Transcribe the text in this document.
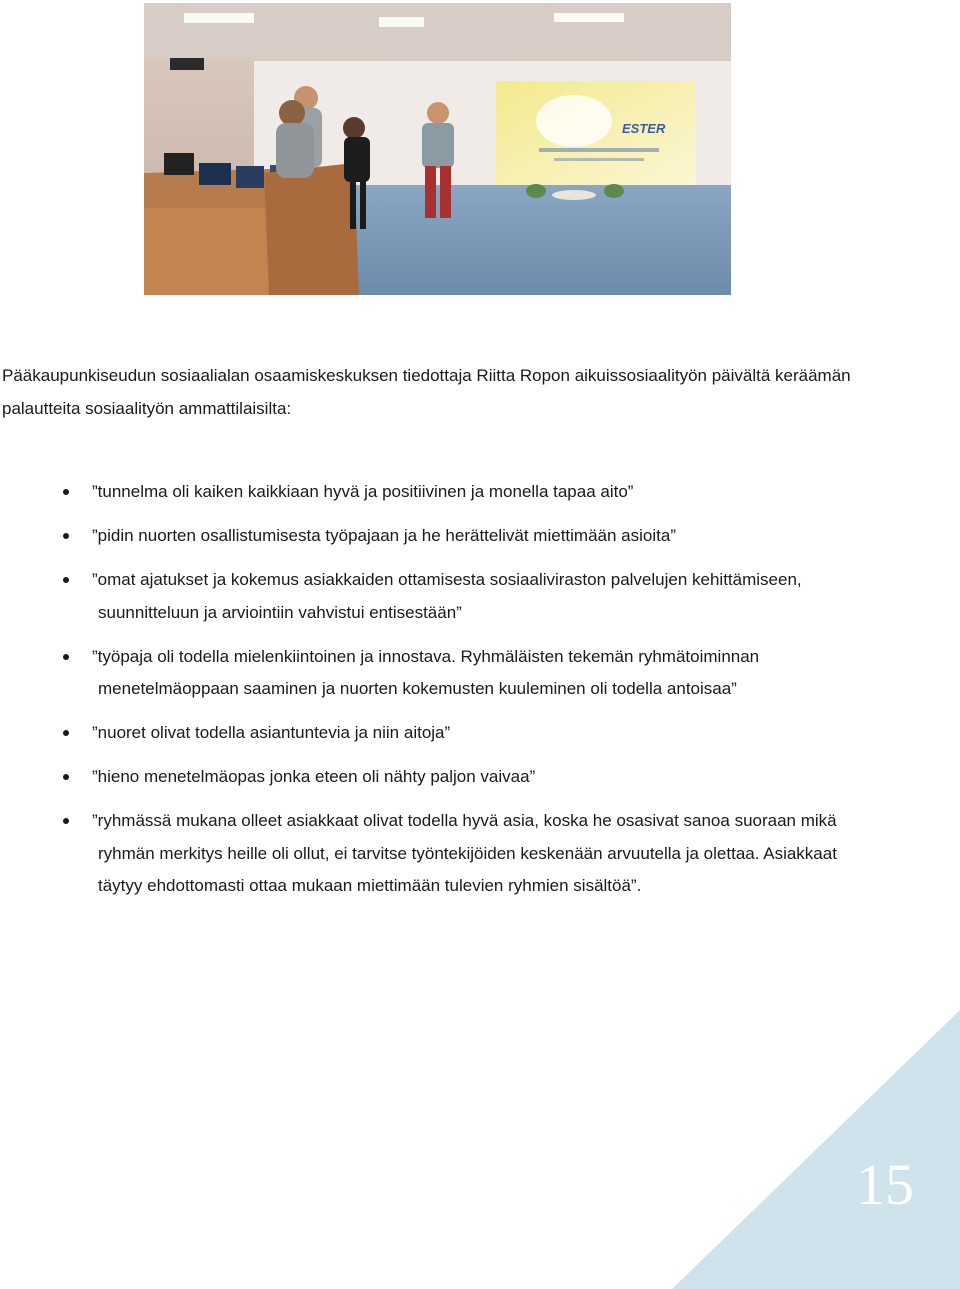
ESTER

Pääkaupunkiseudun sosiaalialan osaamiskeskuksen tiedottaja Riitta Ropon aikuissosiaalityön päivältä keräämän palautteita sosiaalityön ammattilaisilta:

”tunnelma oli kaiken kaikkiaan hyvä ja positiivinen ja monella tapaa aito”
”pidin nuorten osallistumisesta työpajaan ja he herättelivät miettimään asioita”
”omat ajatukset ja kokemus asiakkaiden ottamisesta sosiaaliviraston palvelujen kehittämiseen, suunnitteluun ja arviointiin vahvistui entisestään”
”työpaja oli todella mielenkiintoinen ja innostava. Ryhmäläisten tekemän ryhmätoiminnan menetelmäoppaan saaminen ja nuorten kokemusten kuuleminen oli todella antoisaa”
”nuoret olivat todella asiantuntevia ja niin aitoja”
”hieno menetelmäopas jonka eteen oli nähty paljon vaivaa”
”ryhmässä mukana olleet asiakkaat olivat todella hyvä asia, koska he osasivat sanoa suoraan mikä ryhmän merkitys heille oli ollut, ei tarvitse työntekijöiden keskenään arvuutella ja olettaa. Asiakkaat täytyy ehdottomasti ottaa mukaan miettimään tulevien ryhmien sisältöä”.
15
